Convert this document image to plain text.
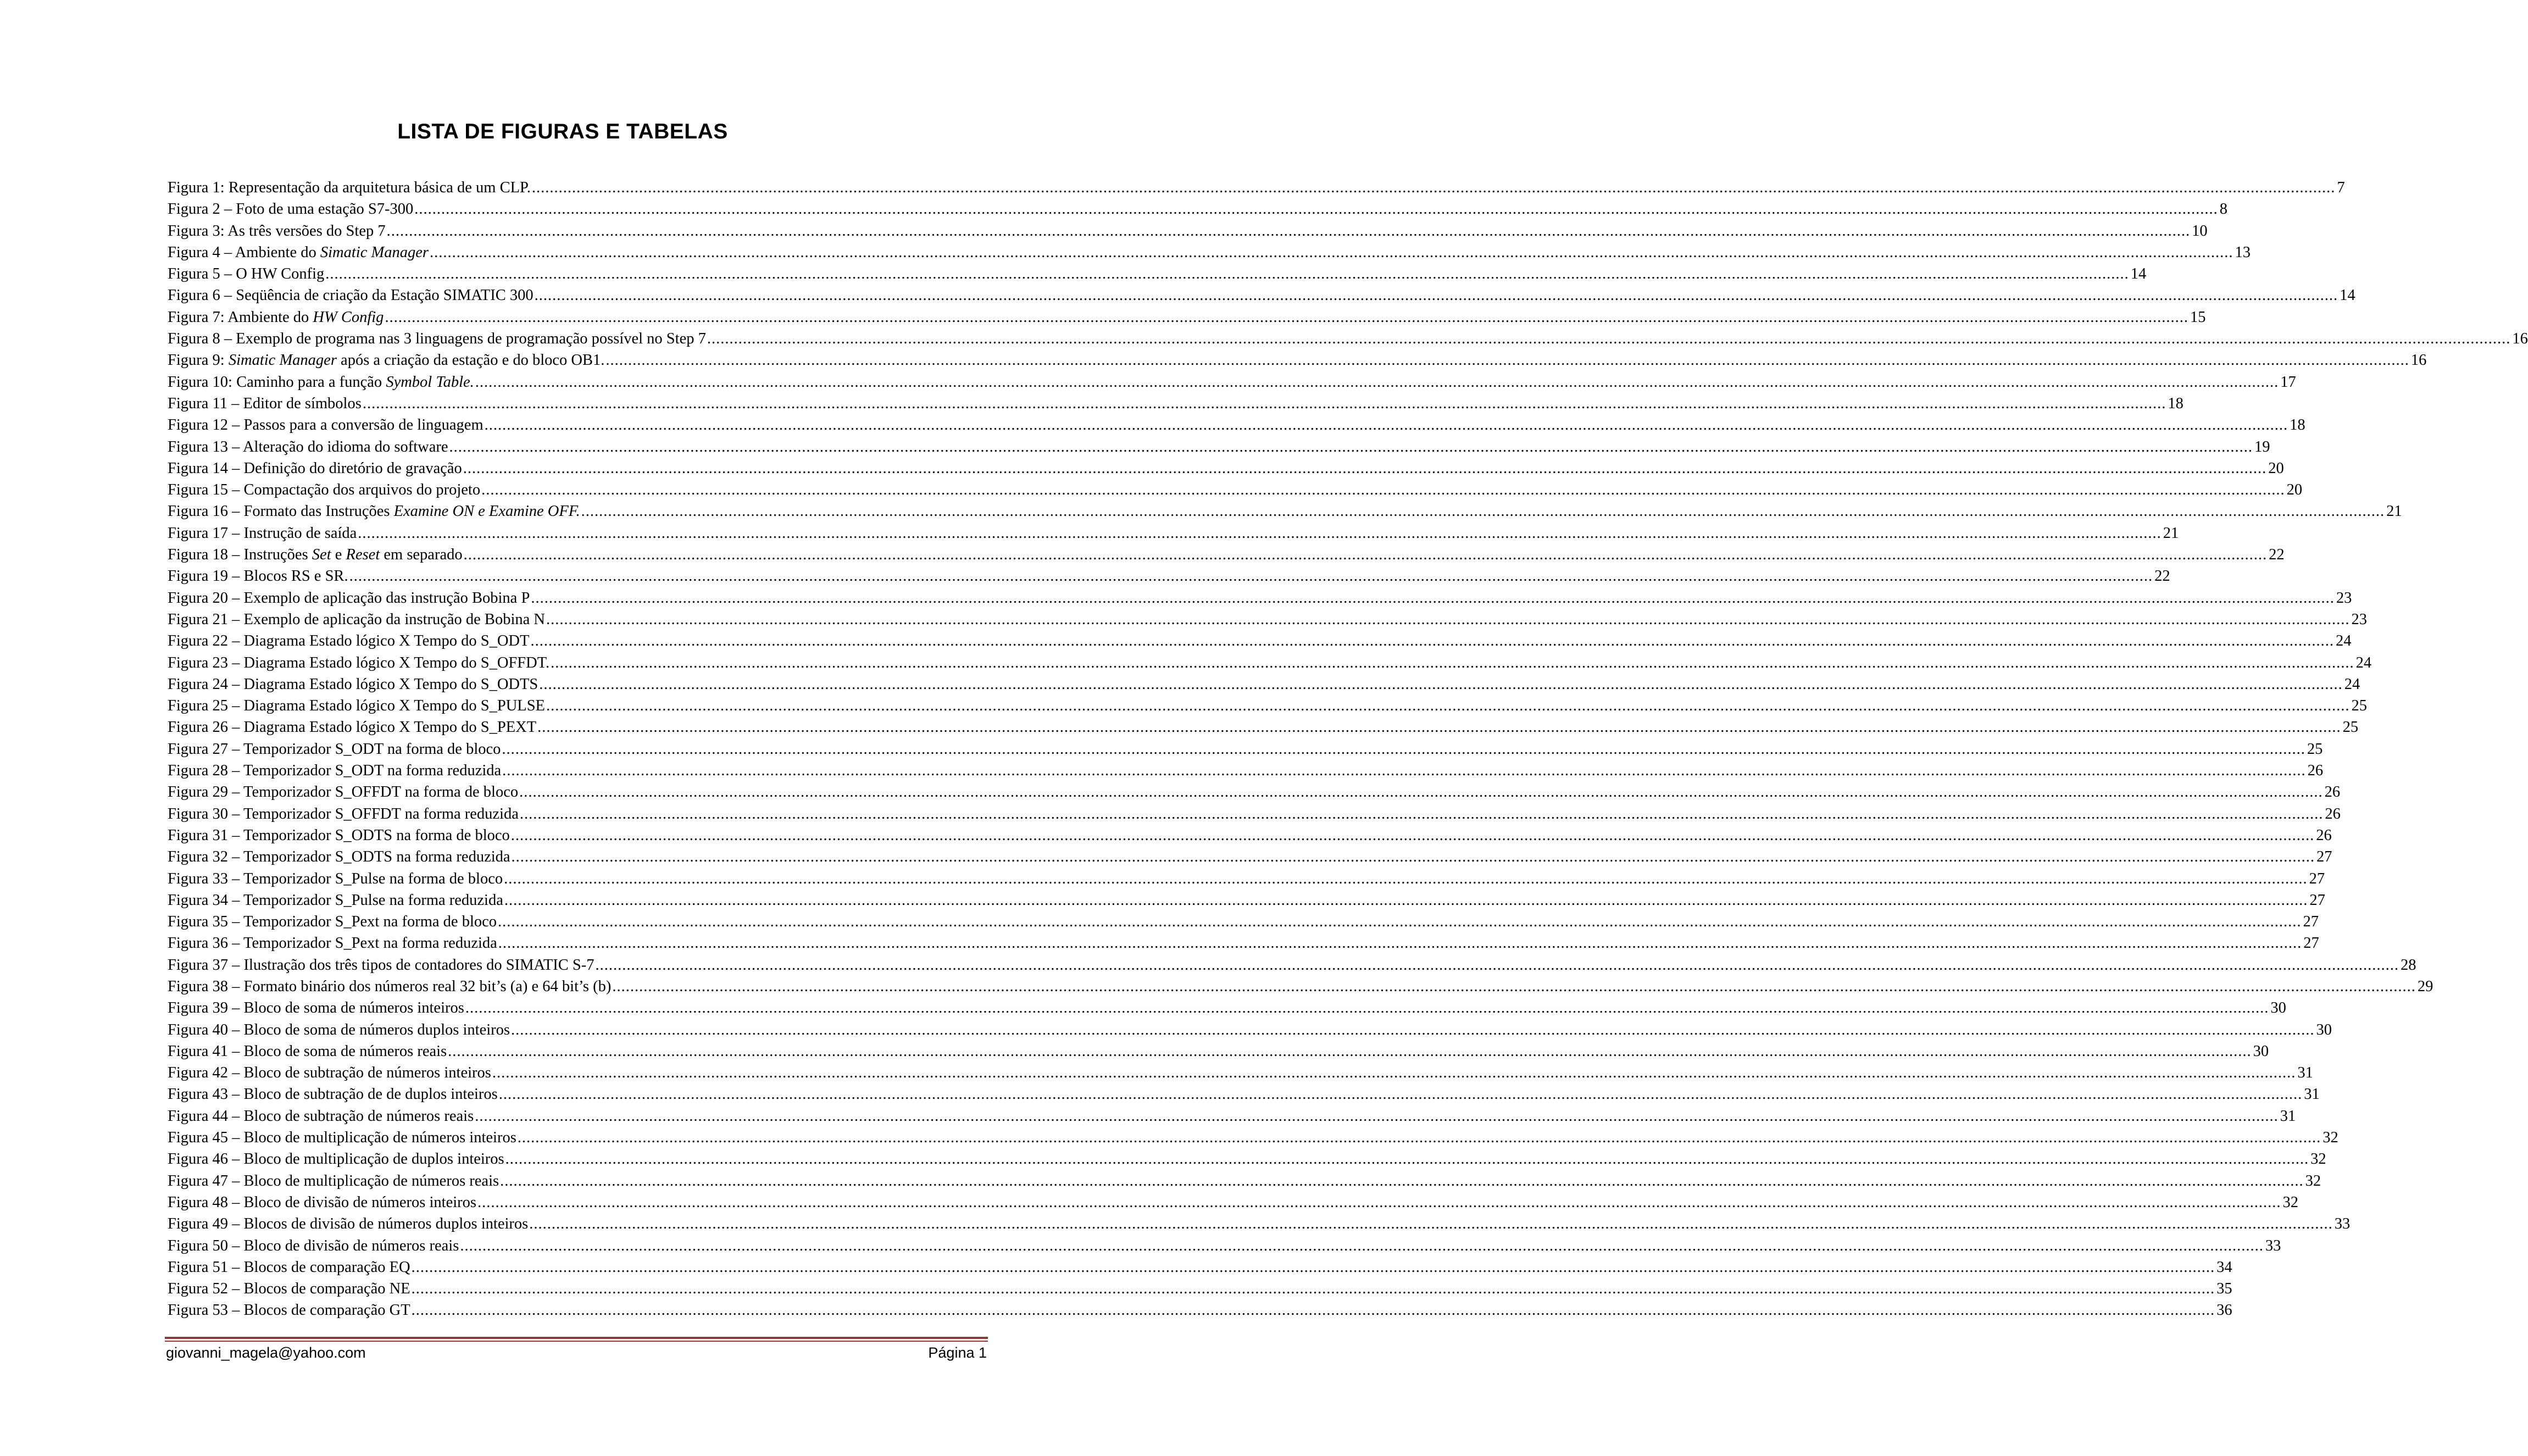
LISTA DE FIGURAS E TABELAS
Figura 1: Representação da arquitetura básica de um CLP. .....	7
Figura 2 – Foto de uma estação S7-300 .....	8
Figura 3: As três versões do Step 7 .....	10
Figura 4 – Ambiente do Simatic Manager .....	13
Figura 5 – O HW Config .....	14
Figura 6 – Seqüência de criação da Estação SIMATIC 300 .....	14
Figura 7: Ambiente do HW Config .....	15
Figura 8 – Exemplo de programa nas 3 linguagens de programação possível no Step 7 .....	16
Figura 9: Simatic Manager após a criação da estação e do bloco OB1. .....	16
Figura 10: Caminho para a função Symbol Table. .....	17
Figura 11 – Editor de símbolos .....	18
Figura 12 – Passos para a conversão de linguagem .....	18
Figura 13 – Alteração do idioma do software .....	19
Figura 14 – Definição do diretório de gravação .....	20
Figura 15 – Compactação dos arquivos do projeto .....	20
Figura 16 – Formato das Instruções Examine ON e Examine OFF. .....	21
Figura 17 – Instrução de saída .....	21
Figura 18 – Instruções Set e Reset em separado .....	22
Figura 19 – Blocos RS e SR. .....	22
Figura 20 – Exemplo de aplicação das instrução Bobina P .....	23
Figura 21 – Exemplo de aplicação da instrução de Bobina N .....	23
Figura 22 – Diagrama Estado lógico X Tempo do S_ODT .....	24
Figura 23 – Diagrama Estado lógico X Tempo do S_OFFDT. .....	24
Figura 24 – Diagrama Estado lógico X Tempo do S_ODTS .....	24
Figura 25 – Diagrama Estado lógico X Tempo do S_PULSE .....	25
Figura 26 – Diagrama Estado lógico X Tempo do S_PEXT .....	25
Figura 27 – Temporizador S_ODT na forma de bloco .....	25
Figura 28 – Temporizador S_ODT na forma reduzida .....	26
Figura 29 – Temporizador S_OFFDT na forma de bloco .....	26
Figura 30 – Temporizador S_OFFDT na forma reduzida .....	26
Figura 31 – Temporizador S_ODTS na forma de bloco .....	26
Figura 32 – Temporizador S_ODTS na forma reduzida .....	27
Figura 33 – Temporizador S_Pulse na forma de bloco .....	27
Figura 34 – Temporizador S_Pulse na forma reduzida .....	27
Figura 35 – Temporizador S_Pext na forma de bloco .....	27
Figura 36 – Temporizador S_Pext na forma reduzida .....	27
Figura 37 – Ilustração dos três tipos de contadores do SIMATIC S-7 .....	28
Figura 38 – Formato binário dos números real 32 bit’s (a) e 64 bit’s (b) .....	29
Figura 39 – Bloco de soma de números inteiros .....	30
Figura 40 – Bloco de soma de números duplos inteiros .....	30
Figura 41 – Bloco de soma de números reais .....	30
Figura 42 – Bloco de subtração de números inteiros .....	31
Figura 43 – Bloco de subtração de de duplos inteiros .....	31
Figura 44 – Bloco de subtração de números reais .....	31
Figura 45 – Bloco de multiplicação de números inteiros .....	32
Figura 46 – Bloco de multiplicação de duplos inteiros .....	32
Figura 47 – Bloco de multiplicação de números reais .....	32
Figura 48 – Bloco de divisão de números inteiros .....	32
Figura 49 – Blocos de divisão de números duplos inteiros .....	33
Figura 50 – Bloco de divisão de números reais .....	33
Figura 51 – Blocos de comparação EQ .....	34
Figura 52 – Blocos de comparação NE .....	35
Figura 53 – Blocos de comparação GT .....	36
giovanni_magela@yahoo.com	Página 1
